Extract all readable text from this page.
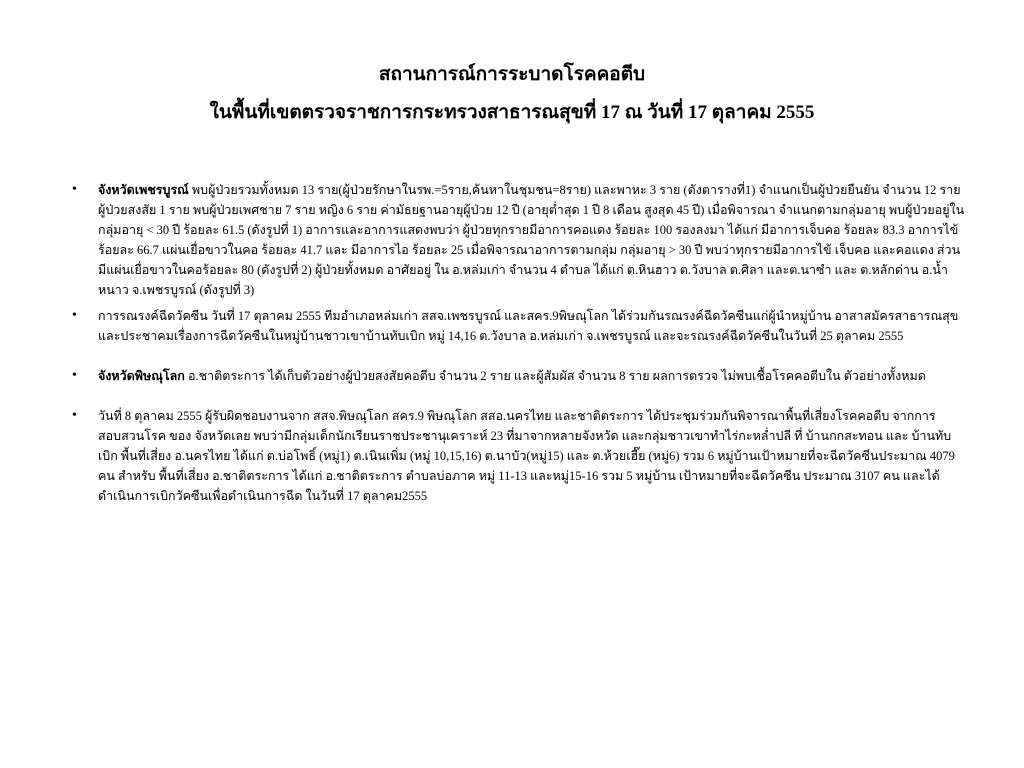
สถานการณ์การระบาดโรคคอตีบ
ในพื้นที่เขตตรวจราชการกระทรวงสาธารณสุขที่ 17 ณ วันที่ 17 ตุลาคม 2555
• จังหวัดเพชรบูรณ์ พบผู้ป่วยรวมทั้งหมด 13 ราย(ผู้ป่วยรักษาในรพ.=5ราย,ค้นหาในชุมชน=8ราย) และพาหะ 3 ราย (ดังตารางที่1) จำแนกเป็นผู้ป่วยยืนยัน จำนวน 12 ราย ผู้ป่วยสงสัย 1 ราย พบผู้ป่วยเพศชาย 7 ราย หญิง 6 ราย ค่ามัธยฐานอายุผู้ป่วย 12 ปี (อายุต่ำสุด 1 ปี 8 เดือน สูงสุด 45 ปี) เมื่อพิจารณา จำแนกตามกลุ่มอายุ พบผู้ป่วยอยู่ในกลุ่มอายุ < 30 ปี ร้อยละ 61.5 (ดังรูปที่ 1) อาการและอาการแสดงพบว่า ผู้ป่วยทุกรายมีอาการคอแดง ร้อยละ 100 รองลงมา ได้แก่ มีอาการเจ็บคอ ร้อยละ 83.3 อาการไข้ ร้อยละ 66.7 แผ่นเยื่อขาวในคอ ร้อยละ 41.7 และ มีอาการไอ ร้อยละ 25 เมื่อพิจารณาอาการตามกลุ่ม กลุ่มอายุ > 30 ปี พบว่าทุกรายมีอาการไข้ เจ็บคอ และคอแดง ส่วนมีแผ่นเยื่อขาวในคอร้อยละ 80 (ดังรูปที่ 2) ผู้ป่วยทั้งหมด อาศัยอยู่ ใน อ.หล่มเก่า จำนวน 4 ตำบล ได้แก่ ต.หินฮาว ต.วังบาล ต.ศิลา และต.นาซำ และ ต.หลักด่าน อ.น้ำหนาว จ.เพชรบูรณ์ (ดังรูปที่ 3)
• การรณรงค์ฉีดวัคซีน วันที่ 17 ตุลาคม 2555 ทีมอำเภอหล่มเก่า สสจ.เพชรบูรณ์ และสคร.9พิษณุโลก ได้ร่วมกันรณรงค์ฉีดวัคซีนแก่ผู้นำหมู่บ้าน อาสาสมัครสาธารณสุข และประชาคมเรื่องการฉีดวัคซีนในหมู่บ้านชาวเขาบ้านทับเบิก หมู่ 14,16 ต.วังบาล อ.หล่มเก่า จ.เพชรบูรณ์ และจะรณรงค์ฉีดวัคซีนในวันที่ 25 ตุลาคม 2555
• จังหวัดพิษณุโลก อ.ชาติตระการ ได้เก็บตัวอย่างผู้ป่วยสงสัยคอตีบ จำนวน 2 ราย และผู้สัมผัส จำนวน 8 ราย ผลการตรวจ ไม่พบเชื้อโรคคอตีบใน ตัวอย่างทั้งหมด
• วันที่ 8 ตุลาคม 2555 ผู้รับผิดชอบงานจาก สสจ.พิษณุโลก สคร.9 พิษณุโลก สสอ.นครไทย และชาติตระการ ได้ประชุมร่วมกันพิจารณาพื้นที่เสี่ยงโรคคอตีบ จากการสอบสวนโรค ของ จังหวัดเลย พบว่ามีกลุ่มเด็กนักเรียนราชประชานุเคราะห์ 23 ที่มาจากหลายจังหวัด และกลุ่มชาวเขาทำไร่กะหล่ำปลี ที่ บ้านกกสะทอน และ บ้านทับเบิก พื้นที่เสี่ยง อ.นครไทย ได้แก่ ต.บ่อโพธิ์ (หมู่1) ต.เนินเพิ่ม (หมู่ 10,15,16) ต.นาบัว(หมู่15) และ ต.ห้วยเฮี๊ย (หมู่6) รวม 6 หมู่บ้านเป้าหมายที่จะฉีดวัคซีนประมาณ 4079 คน สำหรับ พื้นที่เสี่ยง อ.ชาติตระการ ได้แก่ อ.ชาติตระการ ตำบลบ่อภาค หมู่ 11-13 และหมู่15-16 รวม 5 หมู่บ้าน เป้าหมายที่จะฉีดวัคซีน ประมาณ 3107 คน และได้ดำเนินการเบิกวัคซีนเพื่อดำเนินการฉีด ในวันที่ 17 ตุลาคม2555
